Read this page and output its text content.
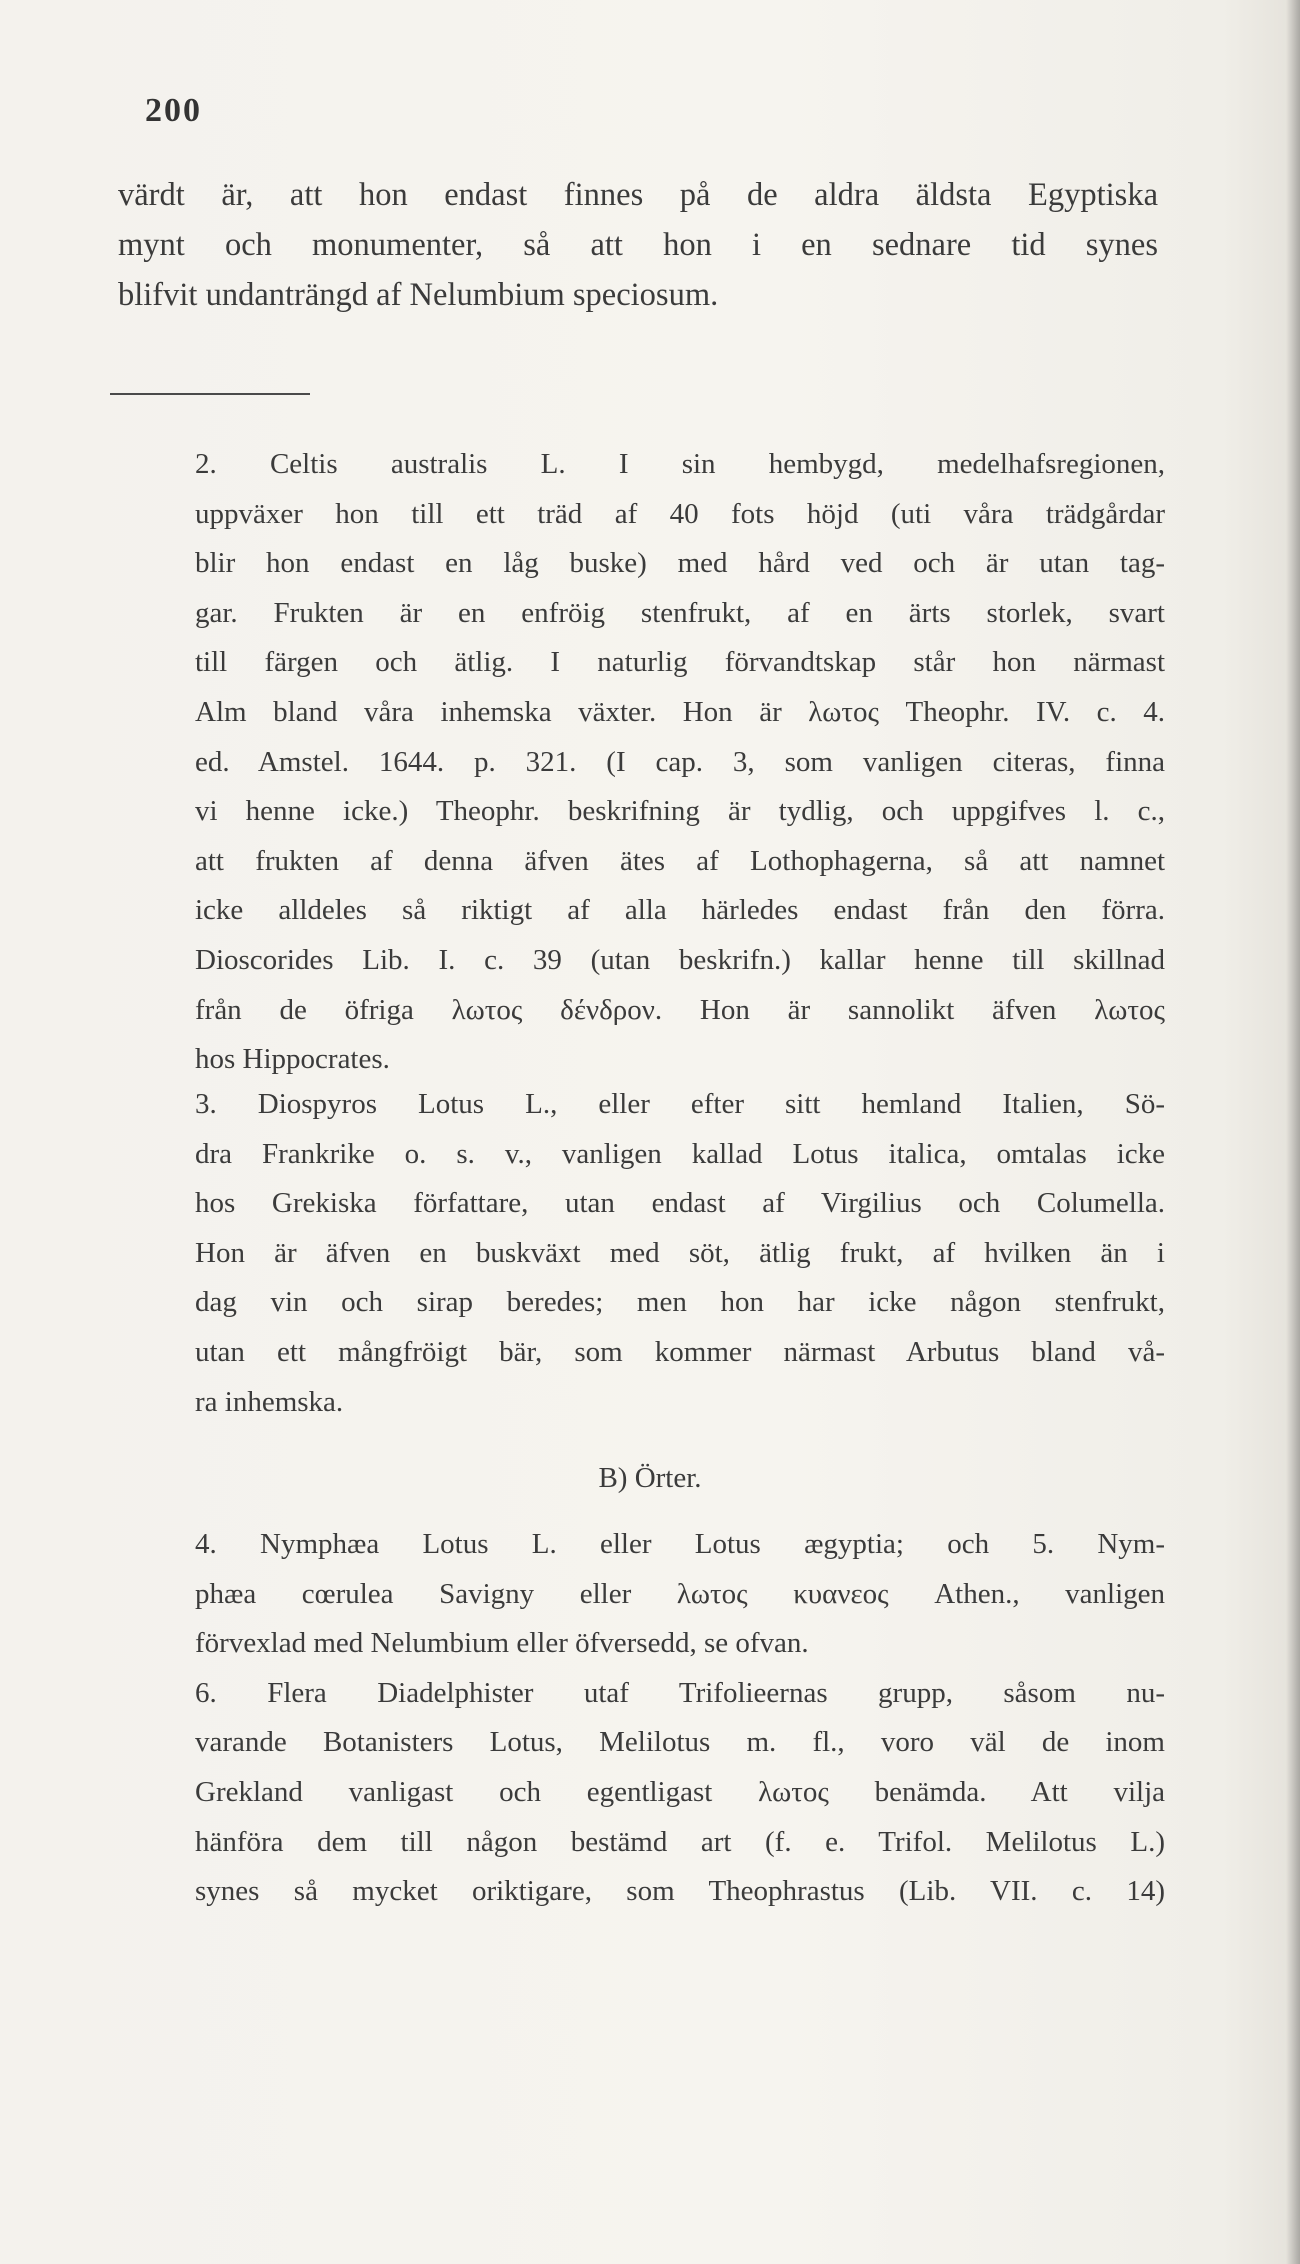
200
värdt är, att hon endast finnes på de aldra äldsta Egyptiska
mynt och monumenter, så att hon i en sednare tid synes
blifvit undanträngd af Nelumbium speciosum.
2. Celtis australis L. I sin hembygd, medelhafsregionen,
uppväxer hon till ett träd af 40 fots höjd (uti våra trädgårdar
blir hon endast en låg buske) med hård ved och är utan tag-
gar. Frukten är en enfröig stenfrukt, af en ärts storlek, svart
till färgen och ätlig. I naturlig förvandtskap står hon närmast
Alm bland våra inhemska växter. Hon är λωτος Theophr. IV. c. 4.
ed. Amstel. 1644. p. 321. (I cap. 3, som vanligen citeras, finna
vi henne icke.) Theophr. beskrifning är tydlig, och uppgifves l. c.,
att frukten af denna äfven ätes af Lothophagerna, så att namnet
icke alldeles så riktigt af alla härledes endast från den förra.
Dioscorides Lib. I. c. 39 (utan beskrifn.) kallar henne till skillnad
från de öfriga λωτος δένδρον. Hon är sannolikt äfven λωτος
hos Hippocrates.
3. Diospyros Lotus L., eller efter sitt hemland Italien, Sö-
dra Frankrike o. s. v., vanligen kallad Lotus italica, omtalas icke
hos Grekiska författare, utan endast af Virgilius och Columella.
Hon är äfven en buskväxt med söt, ätlig frukt, af hvilken än i
dag vin och sirap beredes; men hon har icke någon stenfrukt,
utan ett mångfröigt bär, som kommer närmast Arbutus bland vå-
ra inhemska.
B) Örter.
4. Nymphæa Lotus L. eller Lotus ægyptia; och 5. Nym-
phæa cœrulea Savigny eller λωτος κυανεος Athen., vanligen
förvexlad med Nelumbium eller öfversedd, se ofvan.
6. Flera Diadelphister utaf Trifolieernas grupp, såsom nu-
varande Botanisters Lotus, Melilotus m. fl., voro väl de inom
Grekland vanligast och egentligast λωτος benämda. Att vilja
hänföra dem till någon bestämd art (f. e. Trifol. Melilotus L.)
synes så mycket oriktigare, som Theophrastus (Lib. VII. c. 14)
